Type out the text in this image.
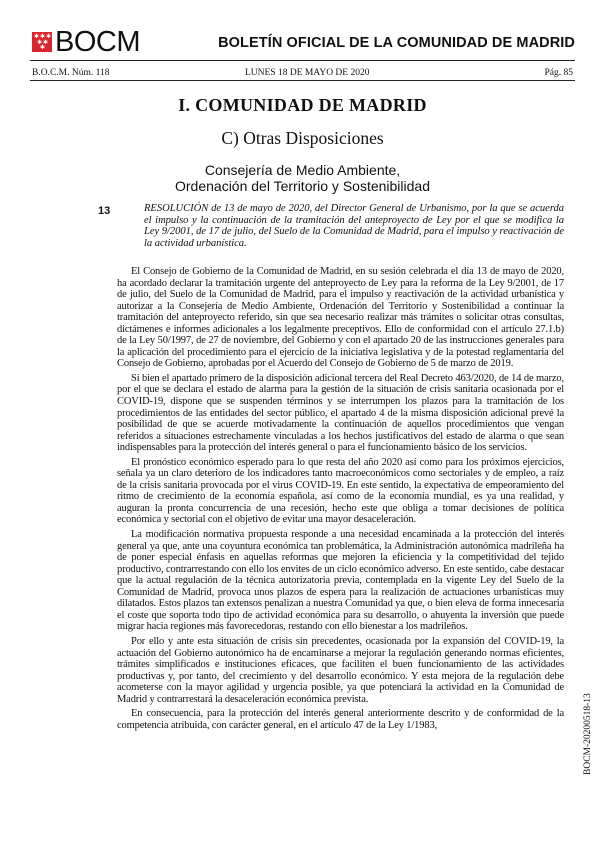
✱ ✱ ✱
✱ ✱
✱ BOCM	BOLETÍN OFICIAL DE LA COMUNIDAD DE MADRID
B.O.C.M. Núm. 118	LUNES 18 DE MAYO DE 2020	Pág. 85
I. COMUNIDAD DE MADRID
C) Otras Disposiciones
Consejería de Medio Ambiente,
Ordenación del Territorio y Sostenibilidad
13	RESOLUCIÓN de 13 de mayo de 2020, del Director General de Urbanismo, por la que se acuerda el impulso y la continuación de la tramitación del anteproyecto de Ley por el que se modifica la Ley 9/2001, de 17 de julio, del Suelo de la Comunidad de Madrid, para el impulso y reactivación de la actividad urbanística.

El Consejo de Gobierno de la Comunidad de Madrid, en su sesión celebrada el día 13 de mayo de 2020, ha acordado declarar la tramitación urgente del anteproyecto de Ley para la reforma de la Ley 9/2001, de 17 de julio, del Suelo de la Comunidad de Madrid, para el impulso y reactivación de la actividad urbanística y autorizar a la Consejería de Medio Ambiente, Ordenación del Territorio y Sostenibilidad a continuar la tramitación del anteproyecto referido, sin que sea necesario realizar más trámites o solicitar otras consultas, dictámenes e informes adicionales a los legalmente preceptivos. Ello de conformidad con el artículo 27.1.b) de la Ley 50/1997, de 27 de noviembre, del Gobierno y con el apartado 20 de las instrucciones generales para la aplicación del procedimiento para el ejercicio de la iniciativa legislativa y de la potestad reglamentaria del Consejo de Gobierno, aprobadas por el Acuerdo del Consejo de Gobierno de 5 de marzo de 2019.

Si bien el apartado primero de la disposición adicional tercera del Real Decreto 463/2020, de 14 de marzo, por el que se declara el estado de alarma para la gestión de la situación de crisis sanitaria ocasionada por el COVID-19, dispone que se suspenden términos y se interrumpen los plazos para la tramitación de los procedimientos de las entidades del sector público, el apartado 4 de la misma disposición adicional prevé la posibilidad de que se acuerde motivadamente la continuación de aquellos procedimientos que vengan referidos a situaciones estrechamente vinculadas a los hechos justificativos del estado de alarma o que sean indispensables para la protección del interés general o para el funcionamiento básico de los servicios.

El pronóstico económico esperado para lo que resta del año 2020 así como para los próximos ejercicios, señala ya un claro deterioro de los indicadores tanto macroeconómicos como sectoriales y de empleo, a raíz de la crisis sanitaria provocada por el virus COVID-19. En este sentido, la expectativa de empeoramiento del ritmo de crecimiento de la economía española, así como de la economía mundial, es ya una realidad, y auguran la pronta concurrencia de una recesión, hecho este que obliga a tomar decisiones de política económica y sectorial con el objetivo de evitar una mayor desaceleración.

La modificación normativa propuesta responde a una necesidad encaminada a la protección del interés general ya que, ante una coyuntura económica tan problemática, la Administración autonómica madrileña ha de poner especial énfasis en aquellas reformas que mejoren la eficiencia y la competitividad del tejido productivo, contrarrestando con ello los envites de un ciclo económico adverso. En este sentido, cabe destacar que la actual regulación de la técnica autorizatoria previa, contemplada en la vigente Ley del Suelo de la Comunidad de Madrid, provoca unos plazos de espera para la realización de actuaciones urbanísticas muy dilatados. Estos plazos tan extensos penalizan a nuestra Comunidad ya que, o bien eleva de forma innecesaria el coste que soporta todo tipo de actividad económica para su desarrollo, o ahuyenta la inversión que puede migrar hacia regiones más favorecedoras, restando con ello bienestar a los madrileños.

Por ello y ante esta situación de crisis sin precedentes, ocasionada por la expansión del COVID-19, la actuación del Gobierno autonómico ha de encaminarse a mejorar la regulación generando normas eficientes, trámites simplificados e instituciones eficaces, que faciliten el buen funcionamiento de las actividades productivas y, por tanto, del crecimiento y del desarrollo económico. Y esta mejora de la regulación debe acometerse con la mayor agilidad y urgencia posible, ya que potenciará la actividad en la Comunidad de Madrid y contrarrestará la desaceleración económica prevista.

En consecuencia, para la protección del interés general anteriormente descrito y de conformidad de la competencia atribuida, con carácter general, en el artículo 47 de la Ley 1/1983,	BOCM-20200518-13
